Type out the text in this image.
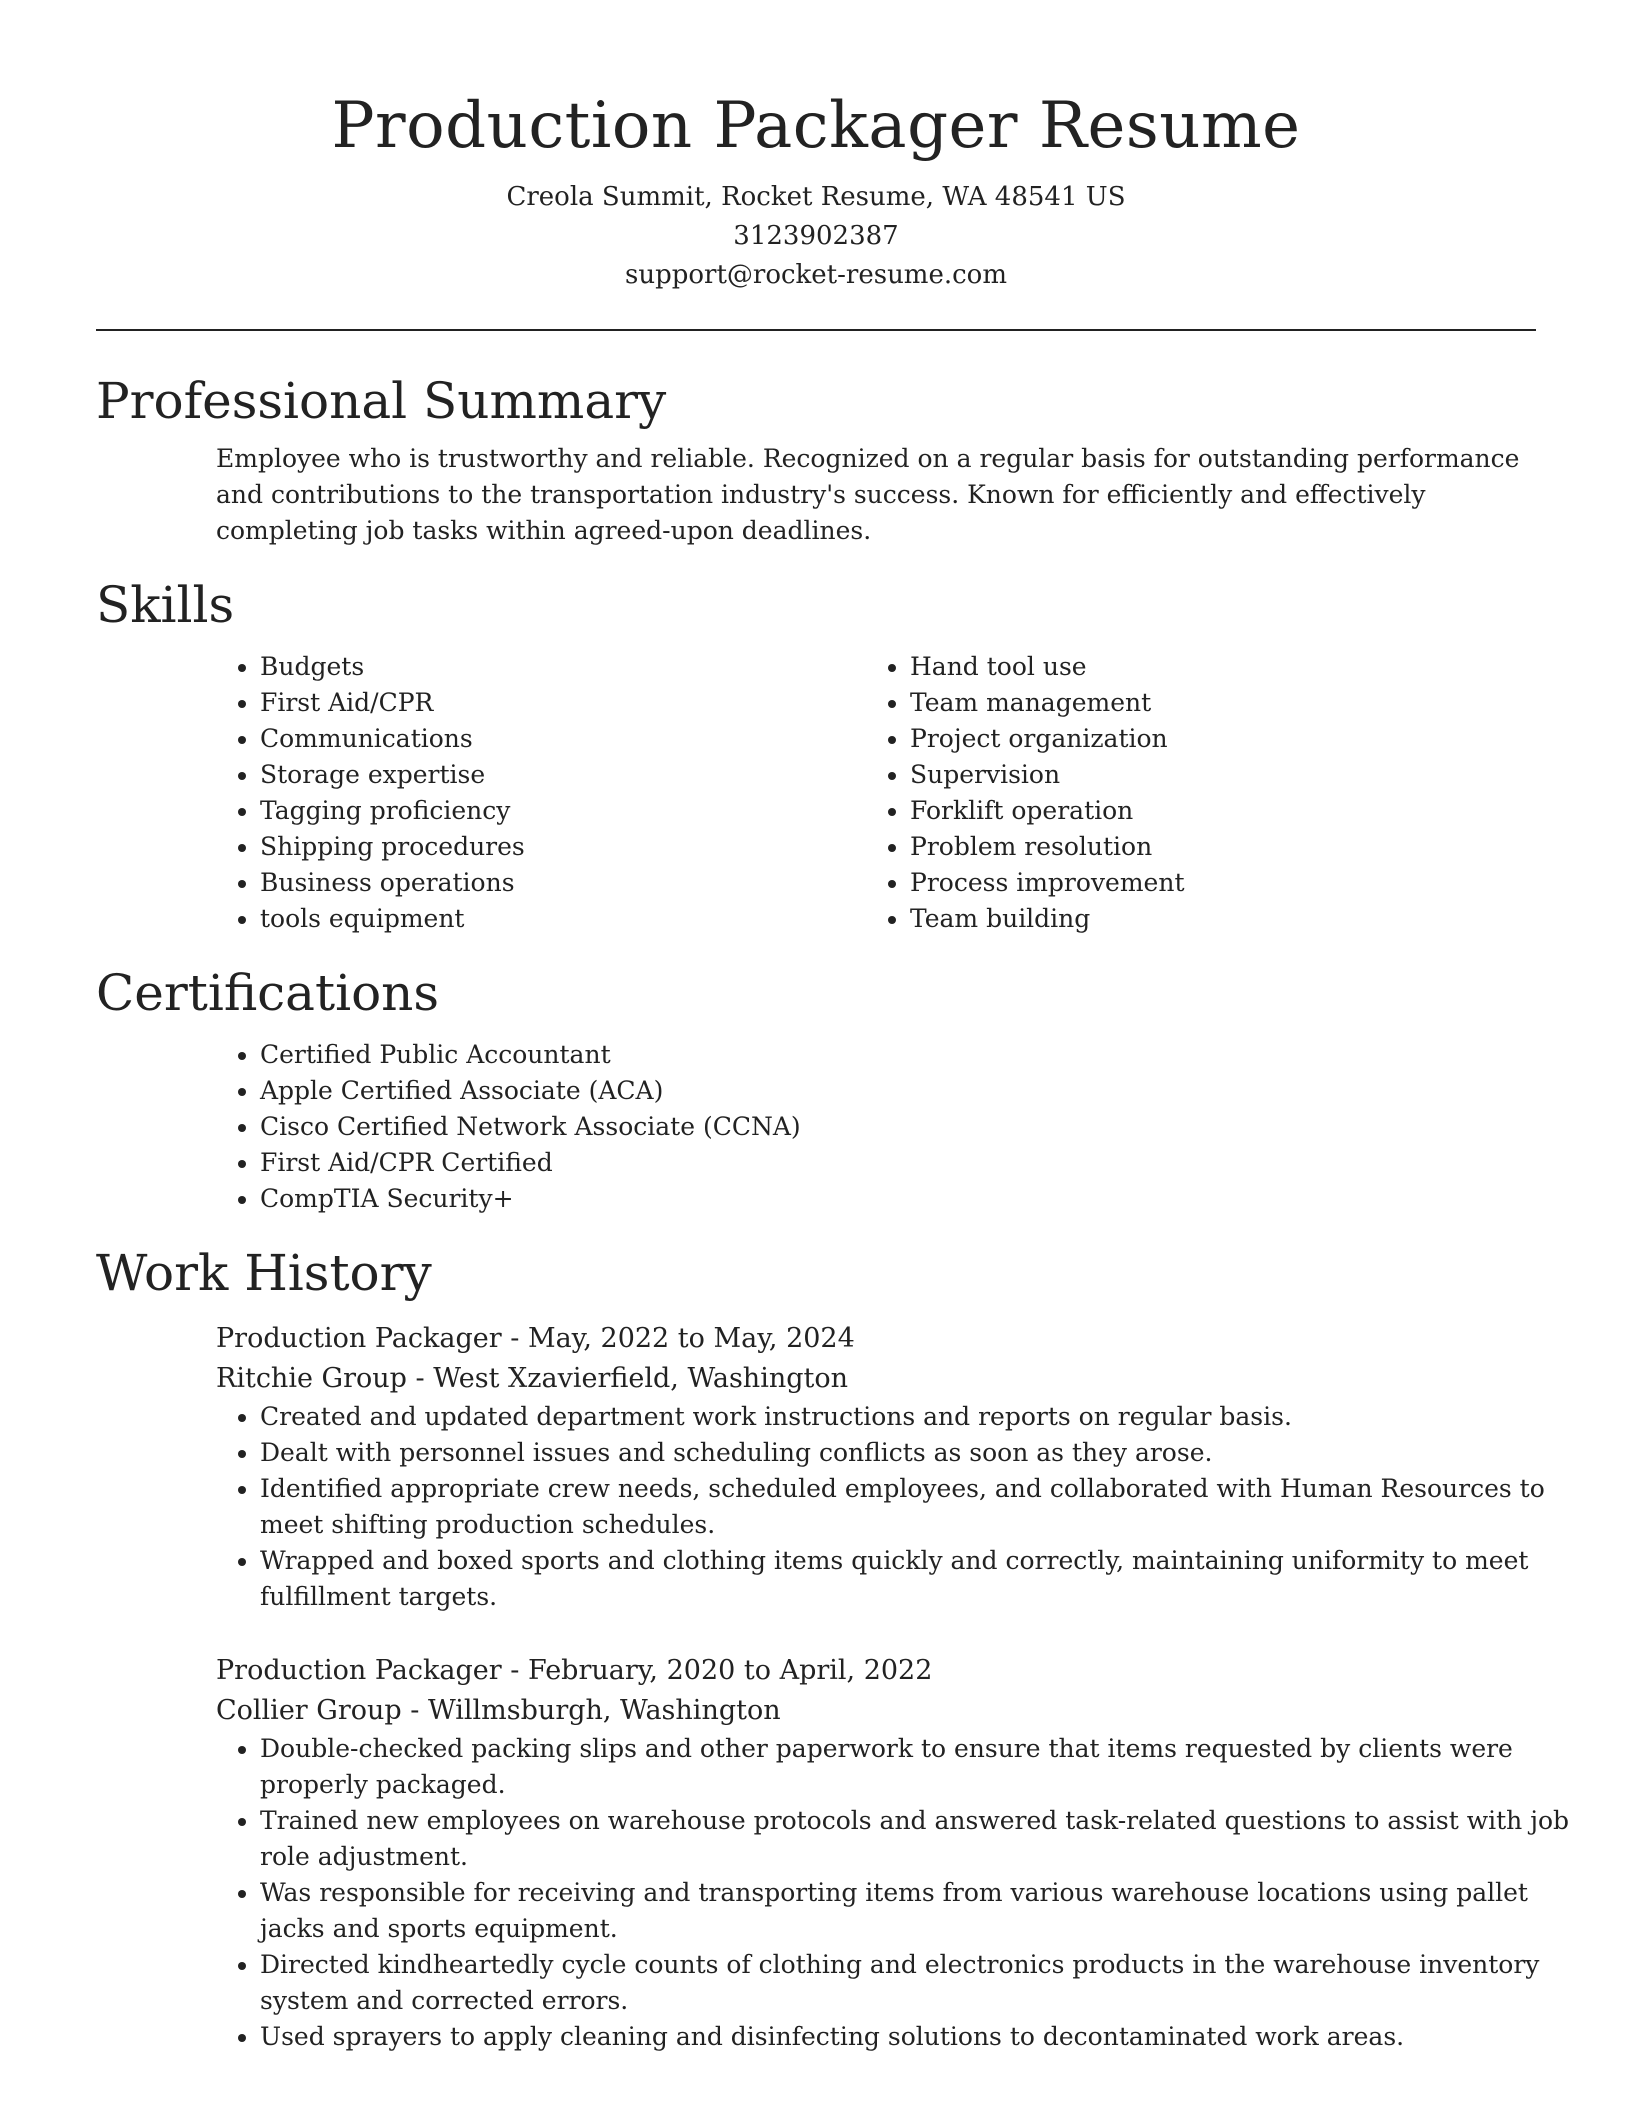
Production Packager Resume
Creola Summit, Rocket Resume, WA 48541 US
3123902387
support@rocket-resume.com
Professional Summary
Employee who is trustworthy and reliable. Recognized on a regular basis for outstanding performance and contributions to the transportation industry's success. Known for efficiently and effectively completing job tasks within agreed-upon deadlines.
Skills
• Budgets
• First Aid/CPR
• Communications
• Storage expertise
• Tagging proficiency
• Shipping procedures
• Business operations
• tools equipment
• Hand tool use
• Team management
• Project organization
• Supervision
• Forklift operation
• Problem resolution
• Process improvement
• Team building
Certifications
• Certified Public Accountant
• Apple Certified Associate (ACA)
• Cisco Certified Network Associate (CCNA)
• First Aid/CPR Certified
• CompTIA Security+
Work History
Production Packager - May, 2022 to May, 2024
Ritchie Group - West Xzavierfield, Washington
• Created and updated department work instructions and reports on regular basis.
• Dealt with personnel issues and scheduling conflicts as soon as they arose.
• Identified appropriate crew needs, scheduled employees, and collaborated with Human Resources to meet shifting production schedules.
• Wrapped and boxed sports and clothing items quickly and correctly, maintaining uniformity to meet fulfillment targets.
Production Packager - February, 2020 to April, 2022
Collier Group - Willmsburgh, Washington
• Double-checked packing slips and other paperwork to ensure that items requested by clients were properly packaged.
• Trained new employees on warehouse protocols and answered task-related questions to assist with job role adjustment.
• Was responsible for receiving and transporting items from various warehouse locations using pallet jacks and sports equipment.
• Directed kindheartedly cycle counts of clothing and electronics products in the warehouse inventory system and corrected errors.
• Used sprayers to apply cleaning and disinfecting solutions to decontaminated work areas.
